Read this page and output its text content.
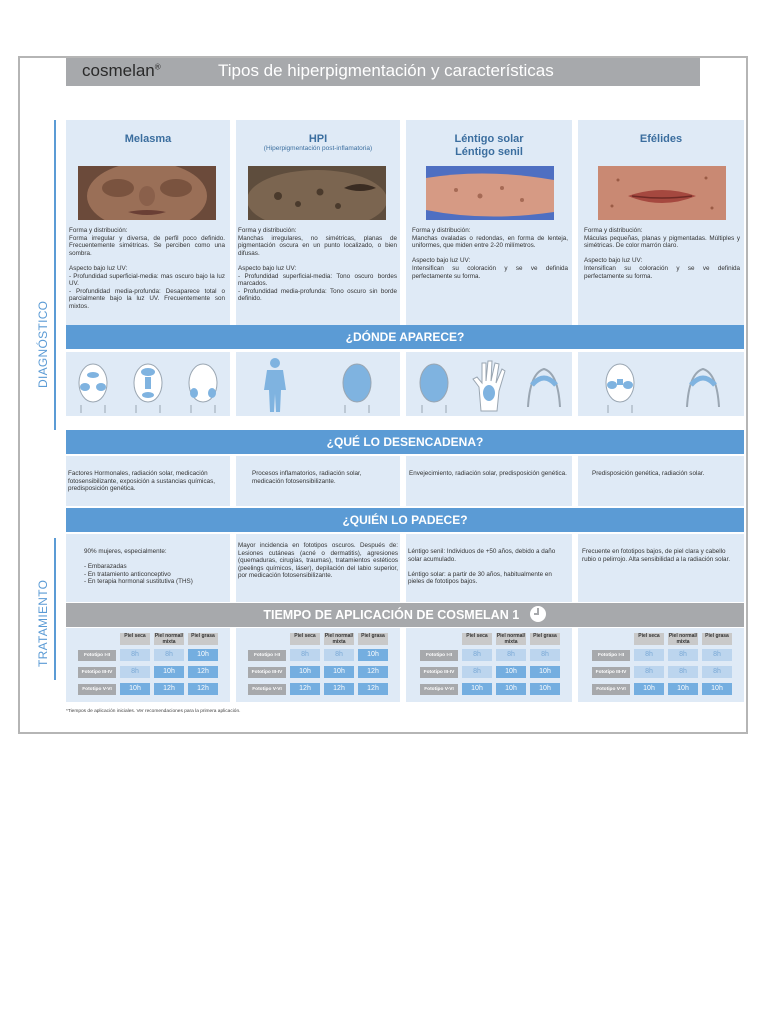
cosmelan®	Tipos de hiperpigmentación y características
DIAGNÓSTICO
TRATAMIENTO
Melasma	HPI
(Hiperpigmentación post-inflamatoria)
Léntigo solar
Léntigo senil
Efélides
Forma y distribución:
Forma irregular y diversa, de perfil poco definido. Frecuentemente simétricas. Se perciben como una sombra.

Aspecto bajo luz UV:
- Profundidad superficial-media: mas oscuro bajo la luz UV.
- Profundidad media-profunda: Desaparece total o parcialmente bajo la luz UV. Frecuentemente son mixtos.
Forma y distribución:
Manchas irregulares, no simétricas, planas de pigmentación oscura en un punto localizado, o bien difusas.

Aspecto bajo luz UV:
- Profundidad superficial-media: Tono oscuro bordes marcados.
- Profundidad media-profunda: Tono oscuro sin borde definido.
Forma y distribución:
Manchas ovaladas o redondas, en forma de lenteja, uniformes, que miden entre 2-20 milímetros.

Aspecto bajo luz UV:
Intensifican su coloración y se ve definida perfectamente su forma.
Forma y distribución:
Máculas pequeñas, planas y pigmentadas. Múltiples y simétricas. De color marrón claro.

Aspecto bajo luz UV:
Intensifican su coloración y se ve definida perfectamente su forma.
¿DÓNDE APARECE?
¿QUÉ LO DESENCADENA?
Factores Hormonales, radiación solar, medicación fotosensibilizante, exposición a sustancias químicas, predisposición genética.
Procesos inflamatorios, radiación solar, medicación fotosensibilizante.
Envejecimiento, radiación solar, predisposición genética.	Predisposición genética, radiación solar.
¿QUIÉN LO PADECE?
90% mujeres, especialmente:

- Embarazadas
- En tratamiento anticonceptivo
- En terapia hormonal sustitutiva (THS)
Mayor incidencia en fototipos oscuros. Después de: Lesiones cutáneas (acné o dermatitis), agresiones (quemaduras, cirugías, traumas), tratamientos estéticos (peelings químicos, láser), depilación del labio superior, por medicación fotosensibilizante.
Léntigo senil: Individuos de +50 años, debido a daño solar acumulado.

Léntigo solar: a partir de 30 años, habitualmente en pieles de fototipos bajos.
Frecuente en fototipos bajos, de piel clara y cabello rubio o pelirrojo. Alta sensibilidad a la radiación solar.
TIEMPO DE APLICACIÓN DE COSMELAN 1
Piel seca	Piel normal/ mixta
Piel grasa
Fototipo I-II	8h	8h	10h
Fototipo III-IV	8h	10h	12h
Fototipo V-VI	10h	12h	12h
Piel seca	Piel normal/ mixta
Piel grasa
Fototipo I-II	8h	8h	10h
Fototipo III-IV	10h	10h	12h
Fototipo V-VI	12h	12h	12h
Piel seca	Piel normal/ mixta
Piel grasa
Fototipo I-II	8h	8h	8h
Fototipo III-IV	8h	10h	10h
Fototipo V-VI	10h	10h	10h
Piel seca	Piel normal/ mixta
Piel grasa
Fototipo I-II	8h	8h	8h
Fototipo III-IV	8h	8h	8h
Fototipo V-VI	10h	10h	10h
*Tiempos de aplicación iniciales. Ver recomendaciones para la primera aplicación.
